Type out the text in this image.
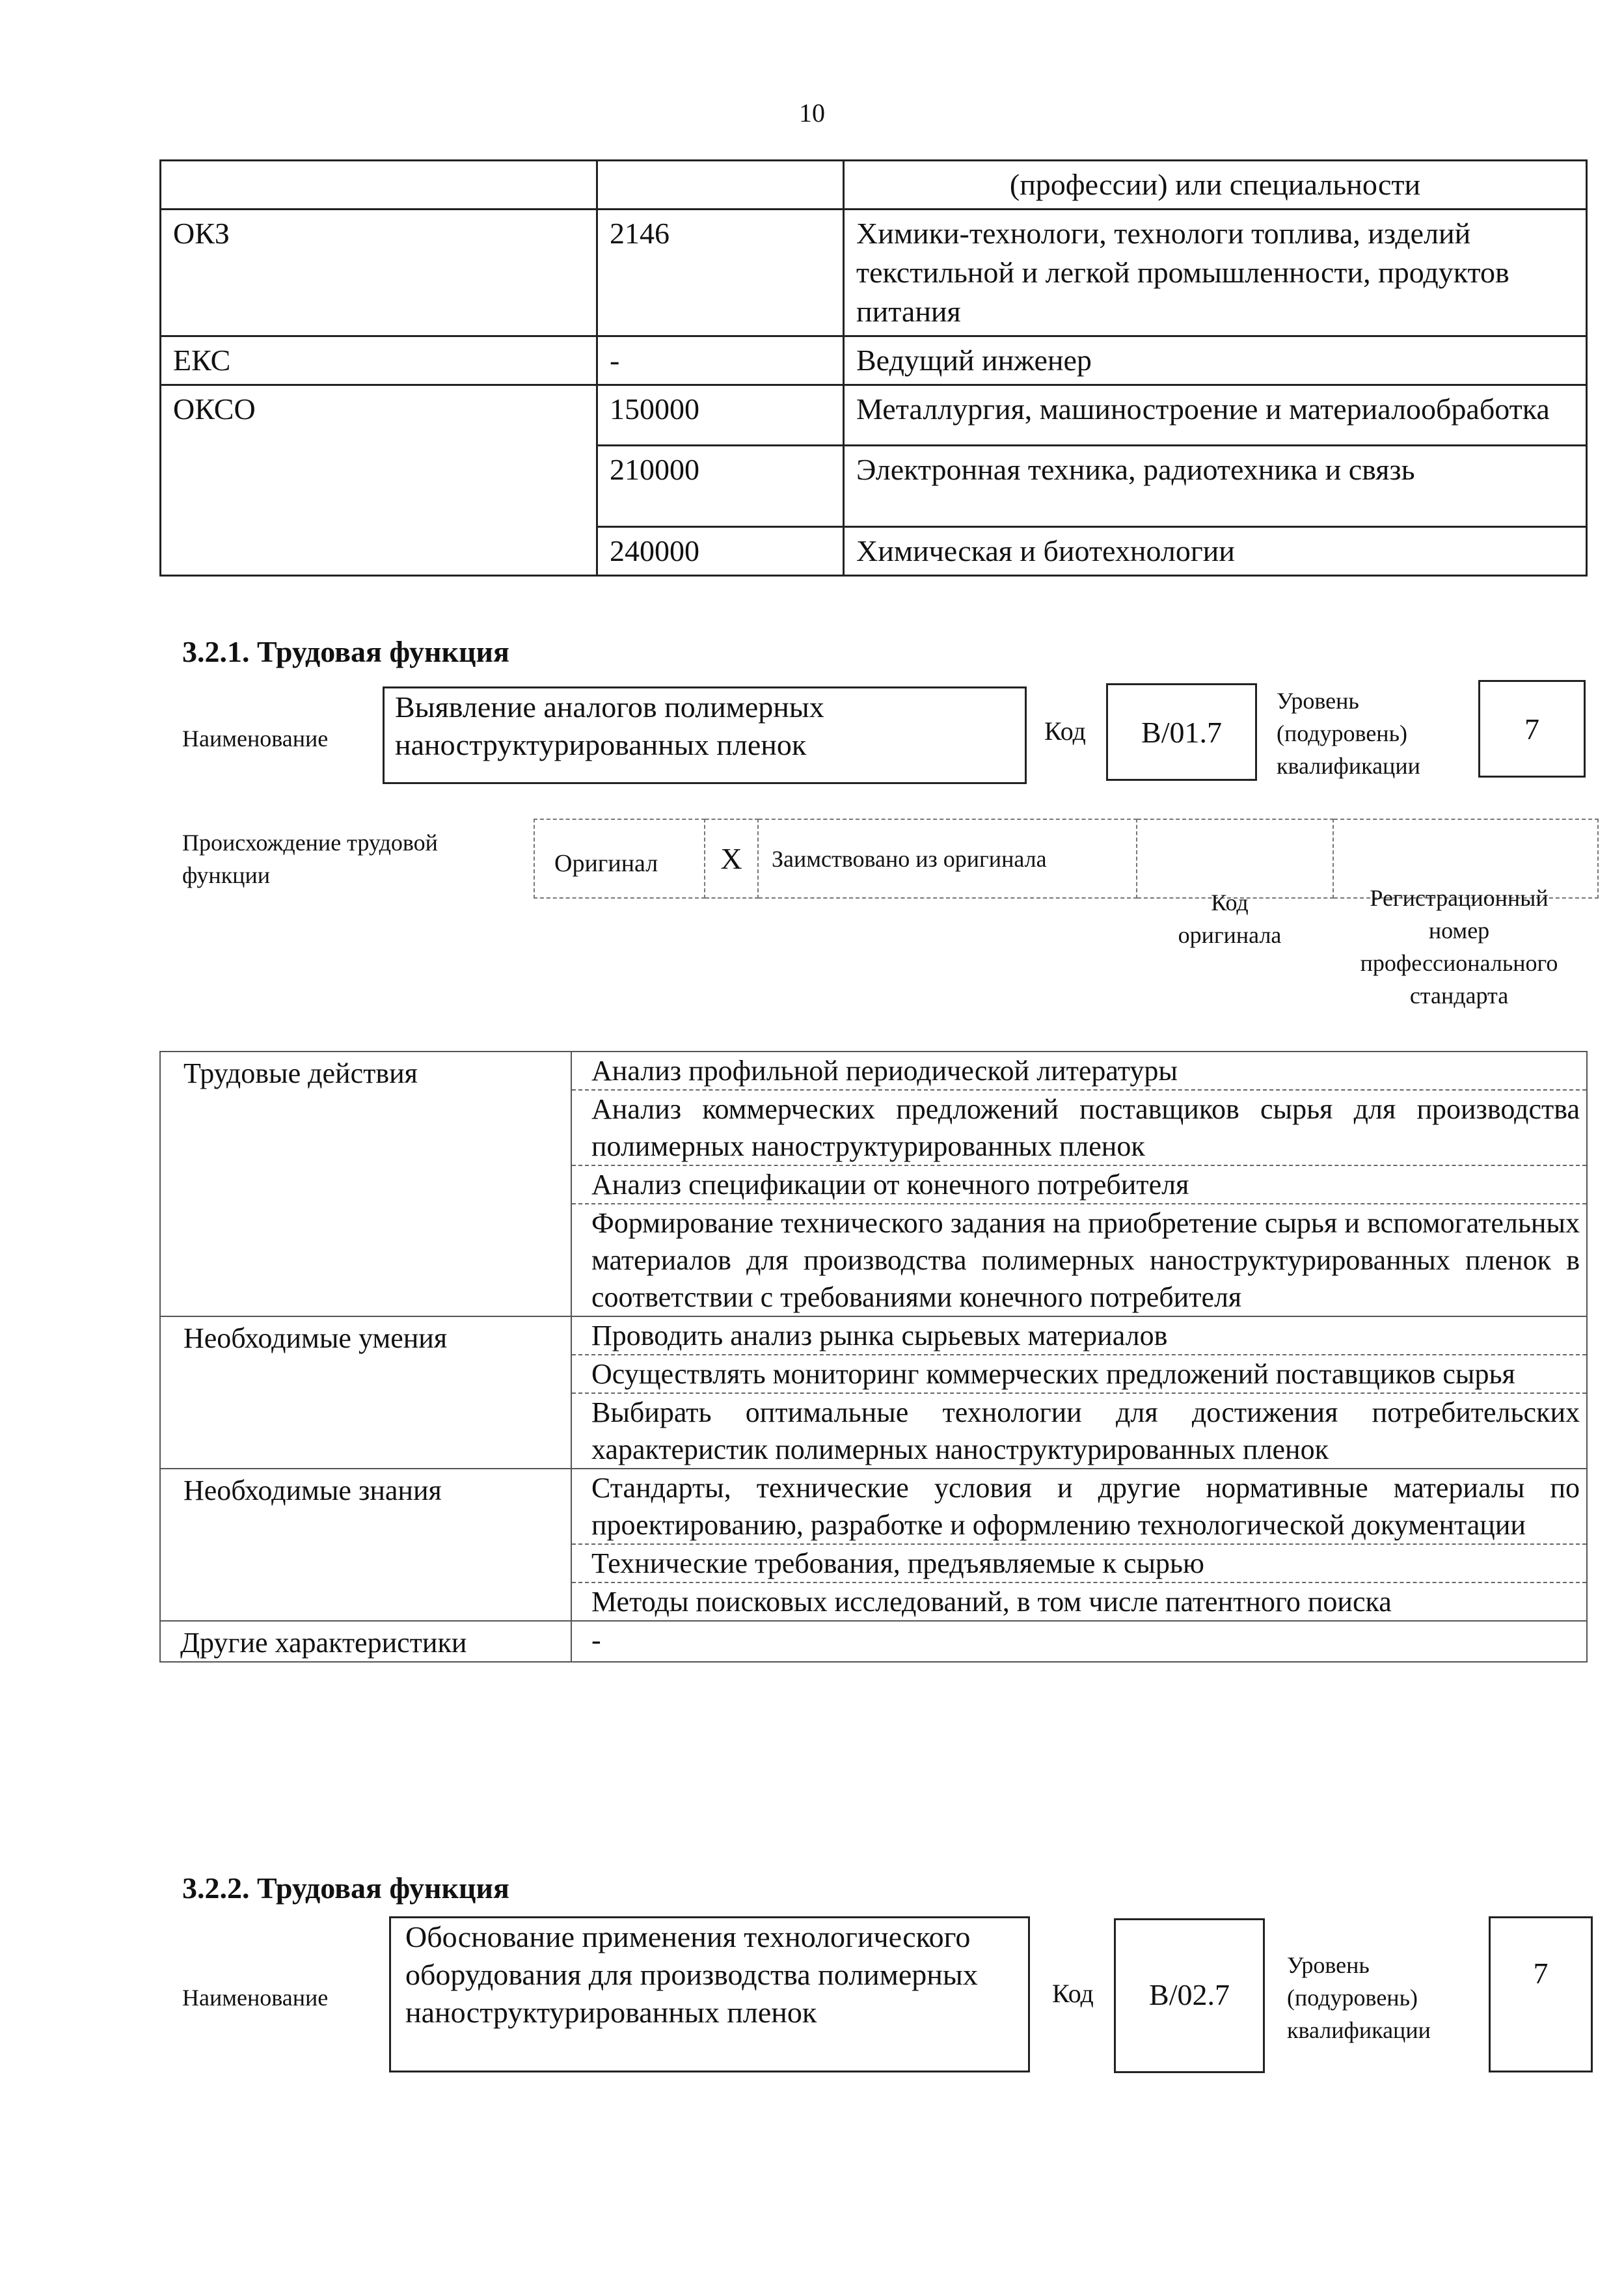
10
		(профессии) или специальности
ОКЗ	2146	Химики-технологи, технологи топлива, изделий текстильной и легкой промышленности, продуктов питания
ЕКС	-	Ведущий инженер
ОКСО	150000	Металлургия, машиностроение и материалообработка
	210000	Электронная техника, радиотехника и связь
	240000	Химическая и биотехнологии
3.2.1. Трудовая функция
Наименование
Выявление аналогов полимерных наноструктурированных пленок	Код	B/01.7
Уровень
(подуровень)
квалификации
7
Происхождение трудовой
функции	Оригинал	X	Заимствовано из оригинала		
Код
оригинала
Регистрационный
номер
профессионального
стандарта
Трудовые действия	Анализ профильной периодической литературы
	Анализ коммерческих предложений поставщиков сырья для производства полимерных наноструктурированных пленок
	Анализ спецификации от конечного потребителя
	Формирование технического задания на приобретение сырья и вспомогательных материалов для производства полимерных наноструктурированных пленок в соответствии с требованиями конечного потребителя
Необходимые умения	Проводить анализ рынка сырьевых материалов
	Осуществлять мониторинг коммерческих предложений поставщиков сырья
	Выбирать оптимальные технологии для достижения потребительских характеристик полимерных наноструктурированных пленок
Необходимые знания	Стандарты, технические условия и другие нормативные материалы по проектированию, разработке и оформлению технологической документации
	Технические требования, предъявляемые к сырью
	Методы поисковых исследований, в том числе патентного поиска
Другие характеристики	-
3.2.2. Трудовая функция
Наименование
Обоснование применения технологического оборудования для производства полимерных наноструктурированных пленок
Код	B/02.7
Уровень
(подуровень)
квалификации
7
